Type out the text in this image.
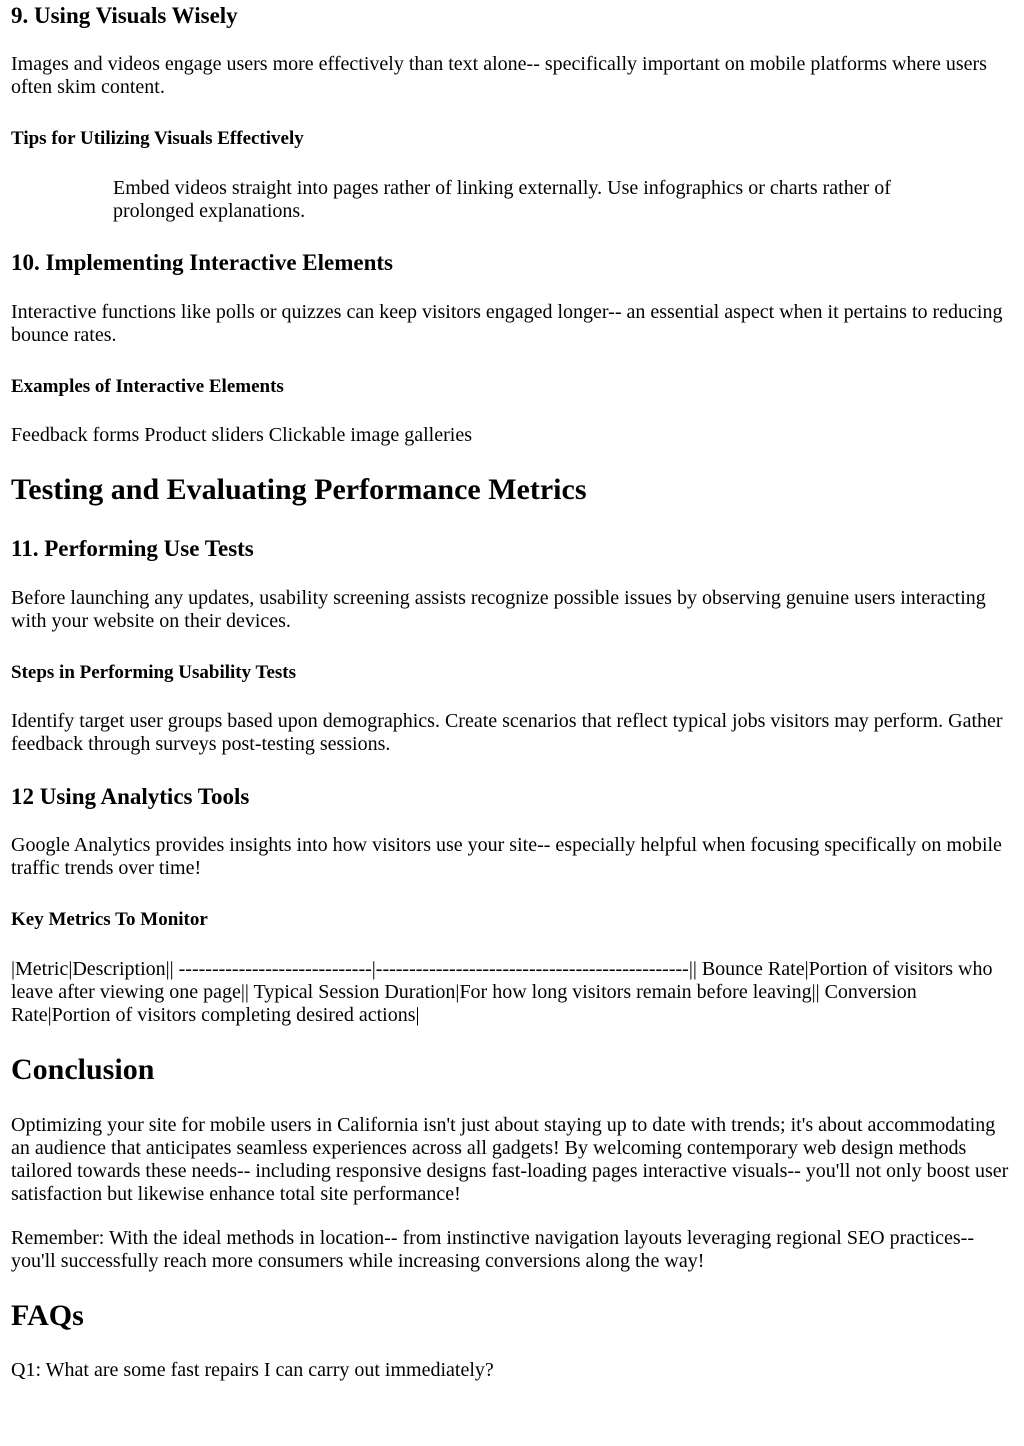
9. Using Visuals Wisely

Images and videos engage users more effectively than text alone-- specifically important on mobile platforms where users often skim content.

Tips for Utilizing Visuals Effectively
Embed videos straight into pages rather of linking externally. Use infographics or charts rather of prolonged explanations.
10. Implementing Interactive Elements

Interactive functions like polls or quizzes can keep visitors engaged longer-- an essential aspect when it pertains to reducing bounce rates.

Examples of Interactive Elements

Feedback forms Product sliders Clickable image galleries

Testing and Evaluating Performance Metrics
11. Performing Use Tests

Before launching any updates, usability screening assists recognize possible issues by observing genuine users interacting with your website on their devices.

Steps in Performing Usability Tests

Identify target user groups based upon demographics. Create scenarios that reflect typical jobs visitors may perform. Gather feedback through surveys post-testing sessions.

12 Using Analytics Tools

Google Analytics provides insights into how visitors use your site-- especially helpful when focusing specifically on mobile traffic trends over time!

Key Metrics To Monitor

|Metric|Description|| -----------------------------|-----------------------------------------------|| Bounce Rate|Portion of visitors who leave after viewing one page|| Typical Session Duration|For how long visitors remain before leaving|| Conversion Rate|Portion of visitors completing desired actions|

Conclusion

Optimizing your site for mobile users in California isn't just about staying up to date with trends; it's about accommodating an audience that anticipates seamless experiences across all gadgets! By welcoming contemporary web design methods tailored towards these needs-- including responsive designs fast-loading pages interactive visuals-- you'll not only boost user satisfaction but likewise enhance total site performance!

Remember: With the ideal methods in location-- from instinctive navigation layouts leveraging regional SEO practices-- you'll successfully reach more consumers while increasing conversions along the way!

FAQs

Q1: What are some fast repairs I can carry out immediately?
